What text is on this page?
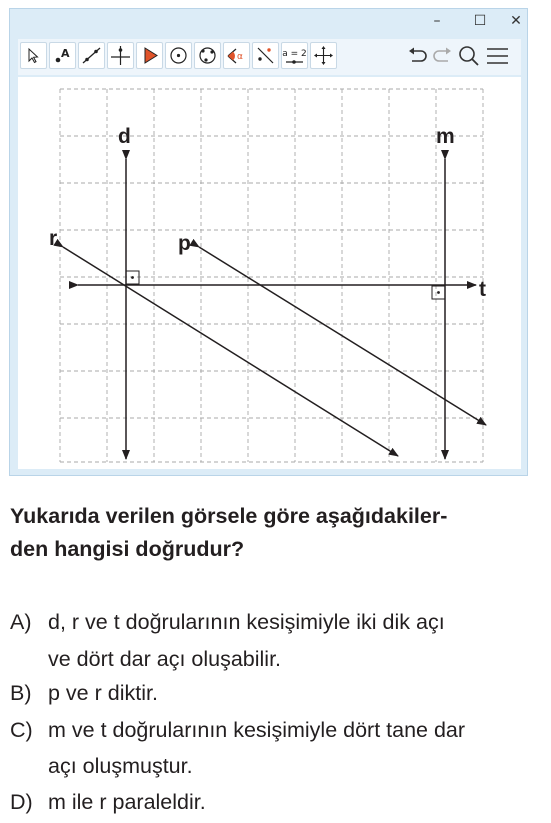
–	☐ ✕
A	α	a = 2
d	m
r	p
t

Yukarıda verilen görsele göre aşağıdakiler-
den hangisi doğrudur?

A) d, r ve t doğrularının kesişimiyle iki dik açı
ve dört dar açı oluşabilir.
B) p ve r diktir.
C) m ve t doğrularının kesişimiyle dört tane dar
açı oluşmuştur.
D) m ile r paraleldir.
